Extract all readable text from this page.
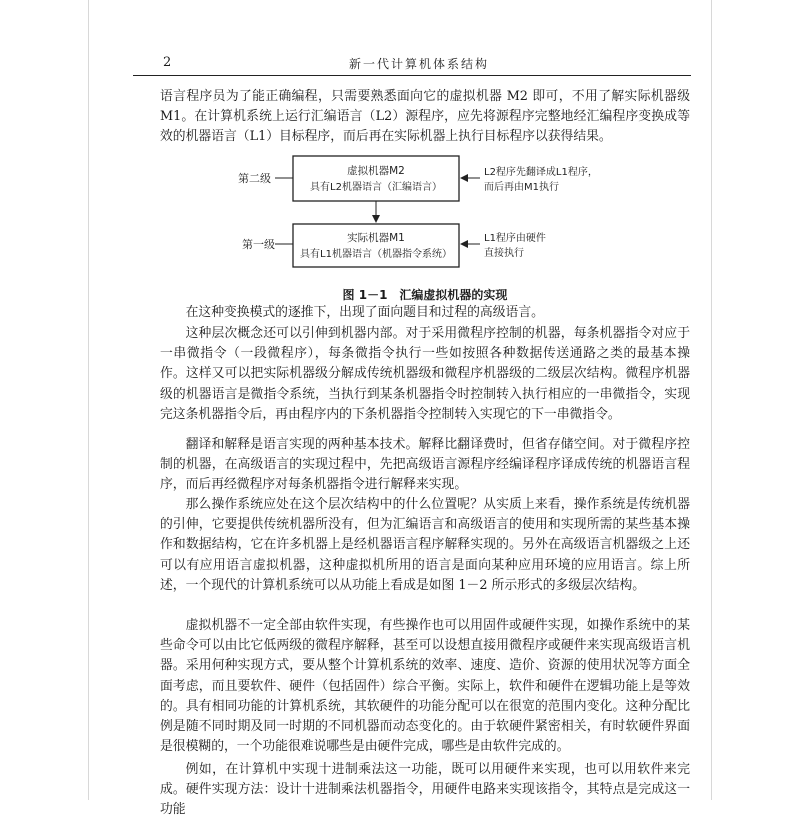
2	新一代计算机体系结构

语言程序员为了能正确编程，只需要熟悉面向它的虚拟机器 M2 即可，不用了解实际机器级 M1。在计算机系统上运行汇编语言（L2）源程序，应先将源程序完整地经汇编程序变换成等效的机器语言（L1）目标程序，而后再在实际机器上执行目标程序以获得结果。

第二级
虚拟机器M2
具有L2机器语言（汇编语言）
L2程序先翻译成L1程序，
而后再由M1执行
第一级	实际机器M1
具有L1机器语言（机器指令系统）
L1程序由硬件
直接执行
图 1－1　汇编虚拟机器的实现

在这种变换模式的逐推下，出现了面向题目和过程的高级语言。

这种层次概念还可以引伸到机器内部。对于采用微程序控制的机器，每条机器指令对应于一串微指令（一段微程序），每条微指令执行一些如按照各种数据传送通路之类的最基本操作。这样又可以把实际机器级分解成传统机器级和微程序机器级的二级层次结构。微程序机器级的机器语言是微指令系统，当执行到某条机器指令时控制转入执行相应的一串微指令，实现完这条机器指令后，再由程序内的下条机器指令控制转入实现它的下一串微指令。

翻译和解释是语言实现的两种基本技术。解释比翻译费时，但省存储空间。对于微程序控制的机器，在高级语言的实现过程中，先把高级语言源程序经编译程序译成传统的机器语言程序，而后再经微程序对每条机器指令进行解释来实现。

那么操作系统应处在这个层次结构中的什么位置呢？从实质上来看，操作系统是传统机器的引伸，它要提供传统机器所没有，但为汇编语言和高级语言的使用和实现所需的某些基本操作和数据结构，它在许多机器上是经机器语言程序解释实现的。另外在高级语言机器级之上还可以有应用语言虚拟机器，这种虚拟机所用的语言是面向某种应用环境的应用语言。综上所述，一个现代的计算机系统可以从功能上看成是如图 1－2 所示形式的多级层次结构。

虚拟机器不一定全部由软件实现，有些操作也可以用固件或硬件实现，如操作系统中的某些命令可以由比它低两级的微程序解释，甚至可以设想直接用微程序或硬件来实现高级语言机器。采用何种实现方式，要从整个计算机系统的效率、速度、造价、资源的使用状况等方面全面考虑，而且要软件、硬件（包括固件）综合平衡。实际上，软件和硬件在逻辑功能上是等效的。具有相同功能的计算机系统，其软硬件的功能分配可以在很宽的范围内变化。这种分配比例是随不同时期及同一时期的不同机器而动态变化的。由于软硬件紧密相关，有时软硬件界面是很模糊的，一个功能很难说哪些是由硬件完成，哪些是由软件完成的。

例如，在计算机中实现十进制乘法这一功能，既可以用硬件来实现，也可以用软件来完成。硬件实现方法：设计十进制乘法机器指令，用硬件电路来实现该指令，其特点是完成这一功能
